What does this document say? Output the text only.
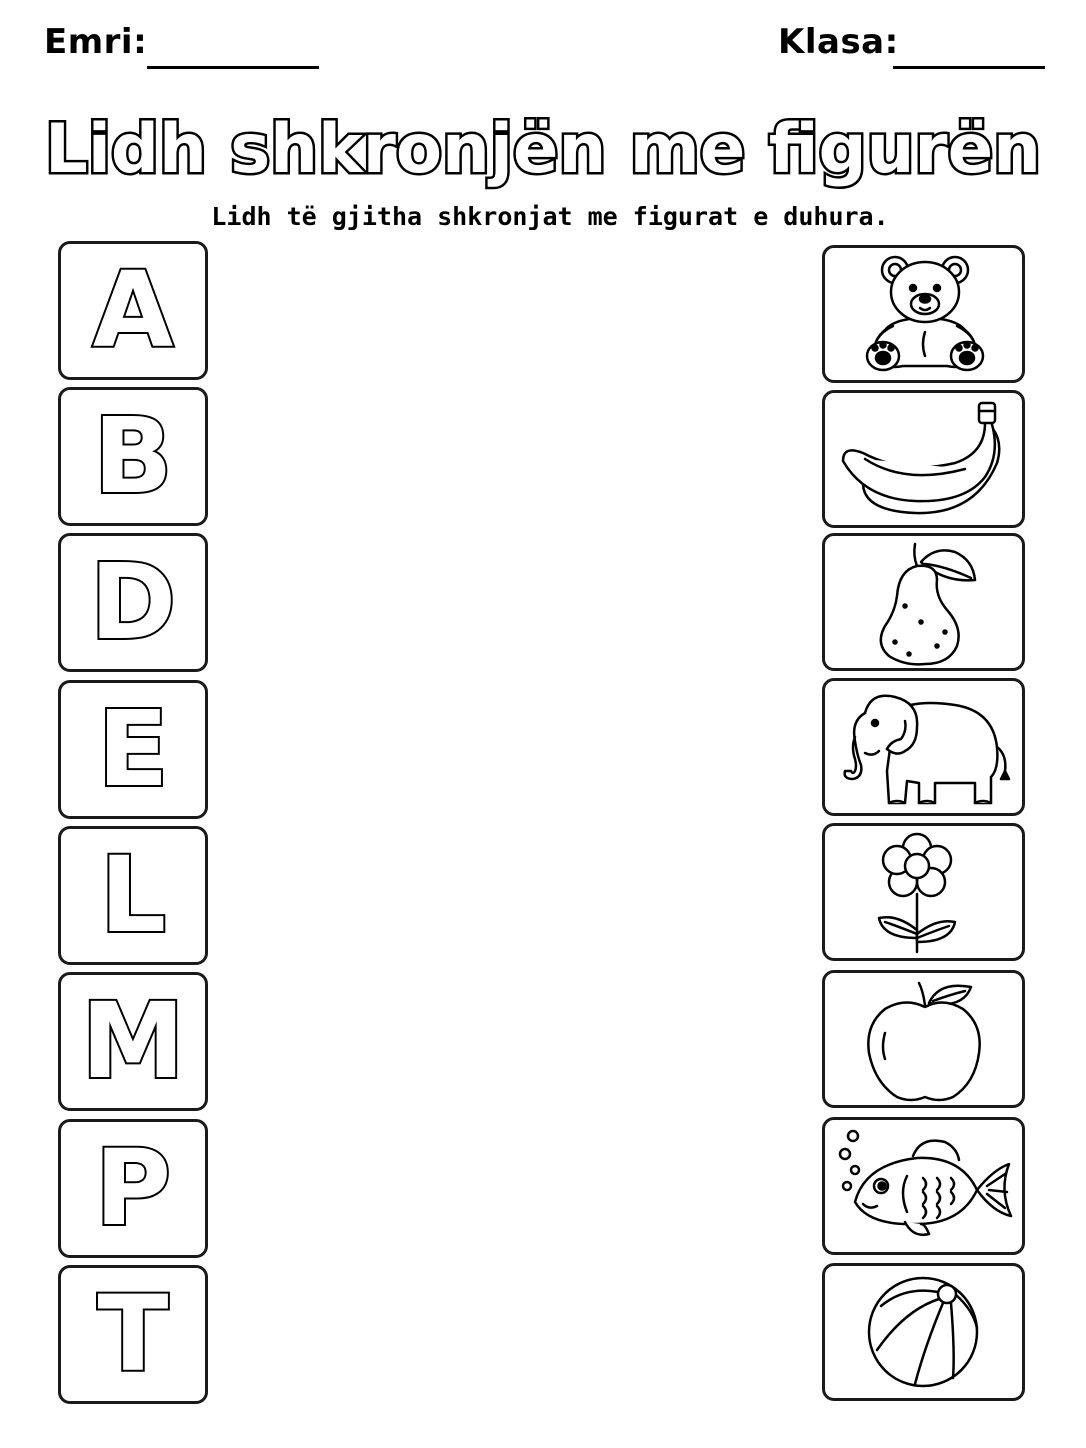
Emri:	Klasa:
Lidh shkronjën me figurën
Lidh të gjitha shkronjat me figurat e duhura.
A
B
D
E
L
M
P
T
